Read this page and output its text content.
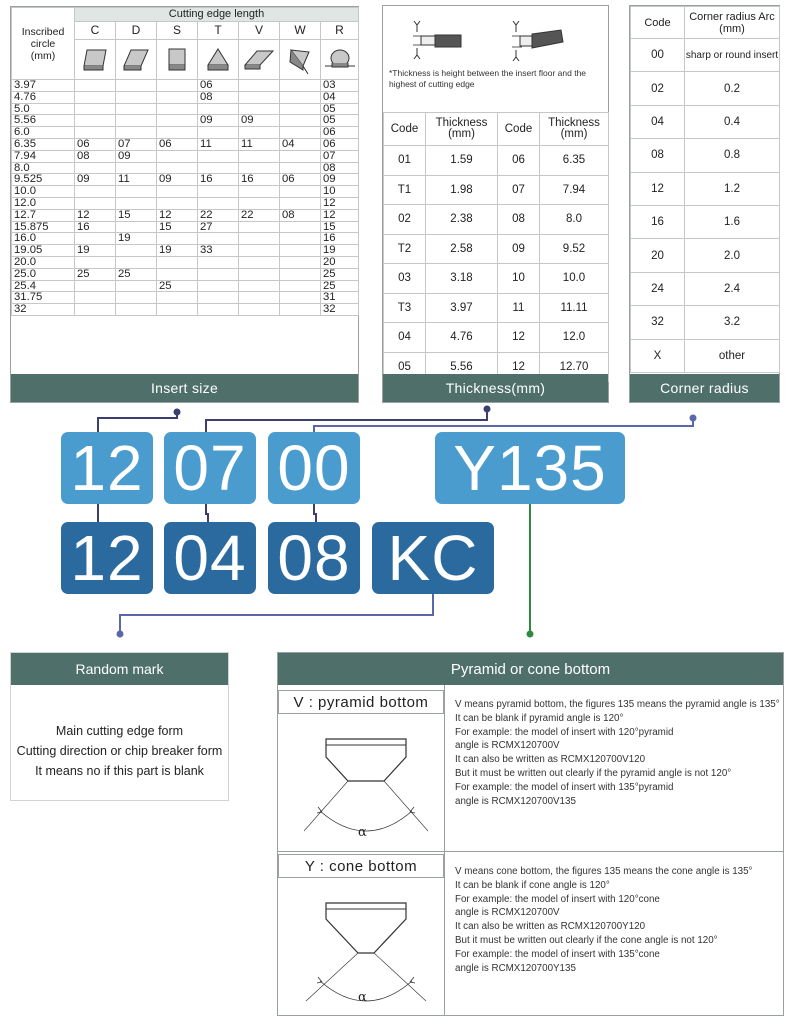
Inscribed
circle
(mm)	Cutting edge length						
	C	D	S	T	V	W	R

3.97				06			03
4.76				08			04
5.0							05
5.56				09	09		05
6.0							06
6.35	06	07	06	11	11	04	06
7.94	08	09					07
8.0							08
9.525	09	11	09	16	16	06	09
10.0							10
12.0							12
12.7	12	15	12	22	22	08	12
15.875	16		15	27			15
16.0		19					16
19.05	19		19	33			19
20.0							20
25.0	25	25					25
25.4			25				25
31.75							31
32							32
Insert size
*Thickness is height between the insert floor and the highest of cutting edge
Code	Thickness (mm)	Code	Thickness (mm)
01	1.59	06	6.35
T1	1.98	07	7.94
02	2.38	08	8.0
T2	2.58	09	9.52
03	3.18	10	10.0
T3	3.97	11	11.11
04	4.76	12	12.0
05	5.56	12	12.70
Thickness(mm)
Code	Corner radius Arc (mm)
00	sharp or round insert
02	0.2
04	0.4
08	0.8
12	1.2
16	1.6
20	2.0
24	2.4
32	3.2
X	other
Corner radius
12 07 00 Y135
12 04 08 KC
Random mark
Main cutting edge form
Cutting direction or chip breaker form
It means no if this part is blank
Pyramid or cone bottom
V : pyramid bottom
α
V means pyramid bottom, the figures 135 means the pyramid angle is 135°
It can be blank if pyramid angle is 120°
For example: the model of insert with 120°pyramid
angle is RCMX120700V
It can also be written as RCMX120700V120
But it must be written out clearly if the pyramid angle is not 120°
For example: the model of insert with 135°pyramid
angle is RCMX120700V135
Y : cone bottom
α
V means cone bottom, the figures 135 means the cone angle is 135°
It can be blank if cone angle is 120°
For example: the model of insert with 120°cone
angle is RCMX120700V
It can also be written as RCMX120700Y120
But it must be written out clearly if the cone angle is not 120°
For example: the model of insert with 135°cone
angle is RCMX120700Y135
